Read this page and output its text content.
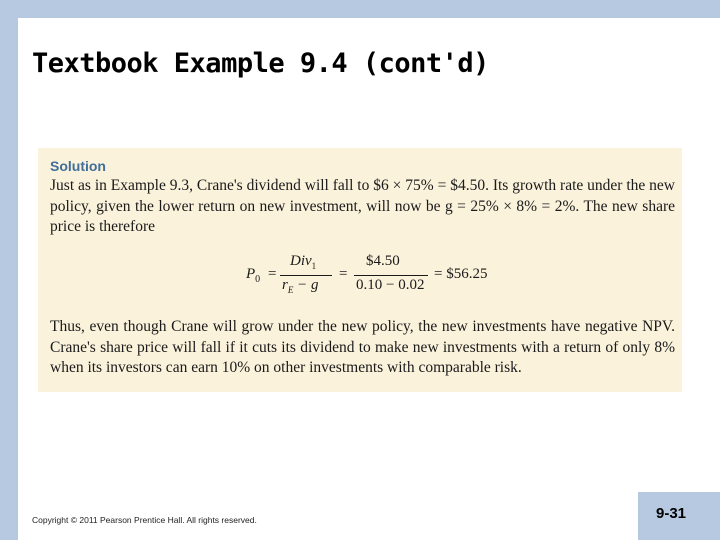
Textbook Example 9.4 (cont'd)
Solution
Just as in Example 9.3, Crane's dividend will fall to $6 × 75% = $4.50. Its growth rate under the new policy, given the lower return on new investment, will now be g = 25% × 8% = 2%. The new share price is therefore
$P_0$ =
Div$_1$
$r_E - g$
=
$4.50
0.10 − 0.02
= $56.25
Thus, even though Crane will grow under the new policy, the new investments have negative NPV. Crane's share price will fall if it cuts its dividend to make new investments with a return of only 8% when its investors can earn 10% on other investments with comparable risk.
Copyright © 2011 Pearson Prentice Hall. All rights reserved.	9-31
